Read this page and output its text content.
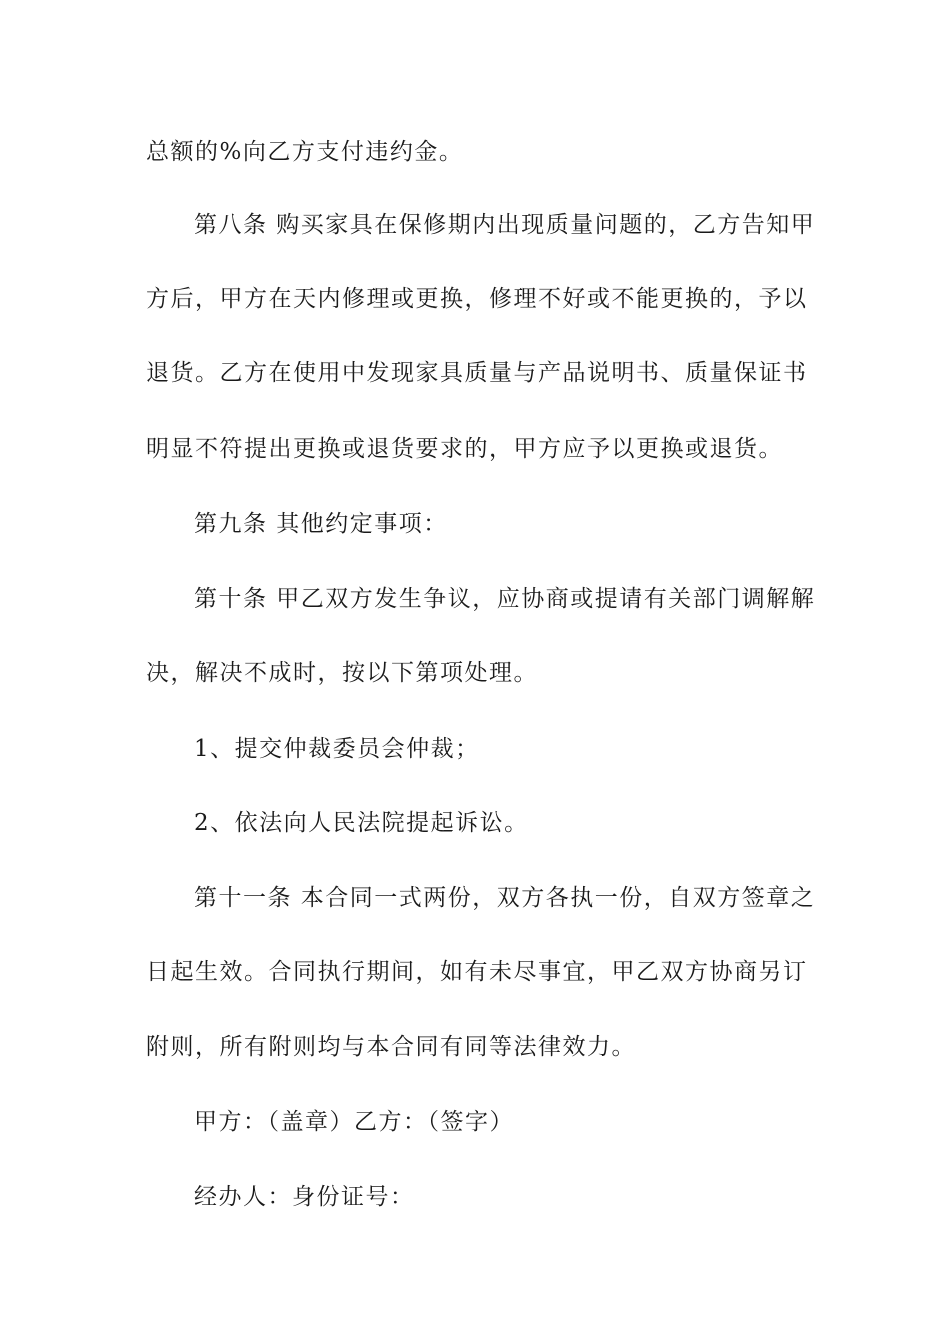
总额的%向乙方支付违约金。
第八条 购买家具在保修期内出现质量问题的，乙方告知甲
方后，甲方在天内修理或更换，修理不好或不能更换的，予以
退货。乙方在使用中发现家具质量与产品说明书、质量保证书
明显不符提出更换或退货要求的，甲方应予以更换或退货。
第九条 其他约定事项：
第十条 甲乙双方发生争议，应协商或提请有关部门调解解
决，解决不成时，按以下第项处理。
1、提交仲裁委员会仲裁；
2、依法向人民法院提起诉讼。
第十一条 本合同一式两份，双方各执一份，自双方签章之
日起生效。合同执行期间，如有未尽事宜，甲乙双方协商另订
附则，所有附则均与本合同有同等法律效力。
甲方：（盖章）乙方：（签字）
经办人：身份证号：
